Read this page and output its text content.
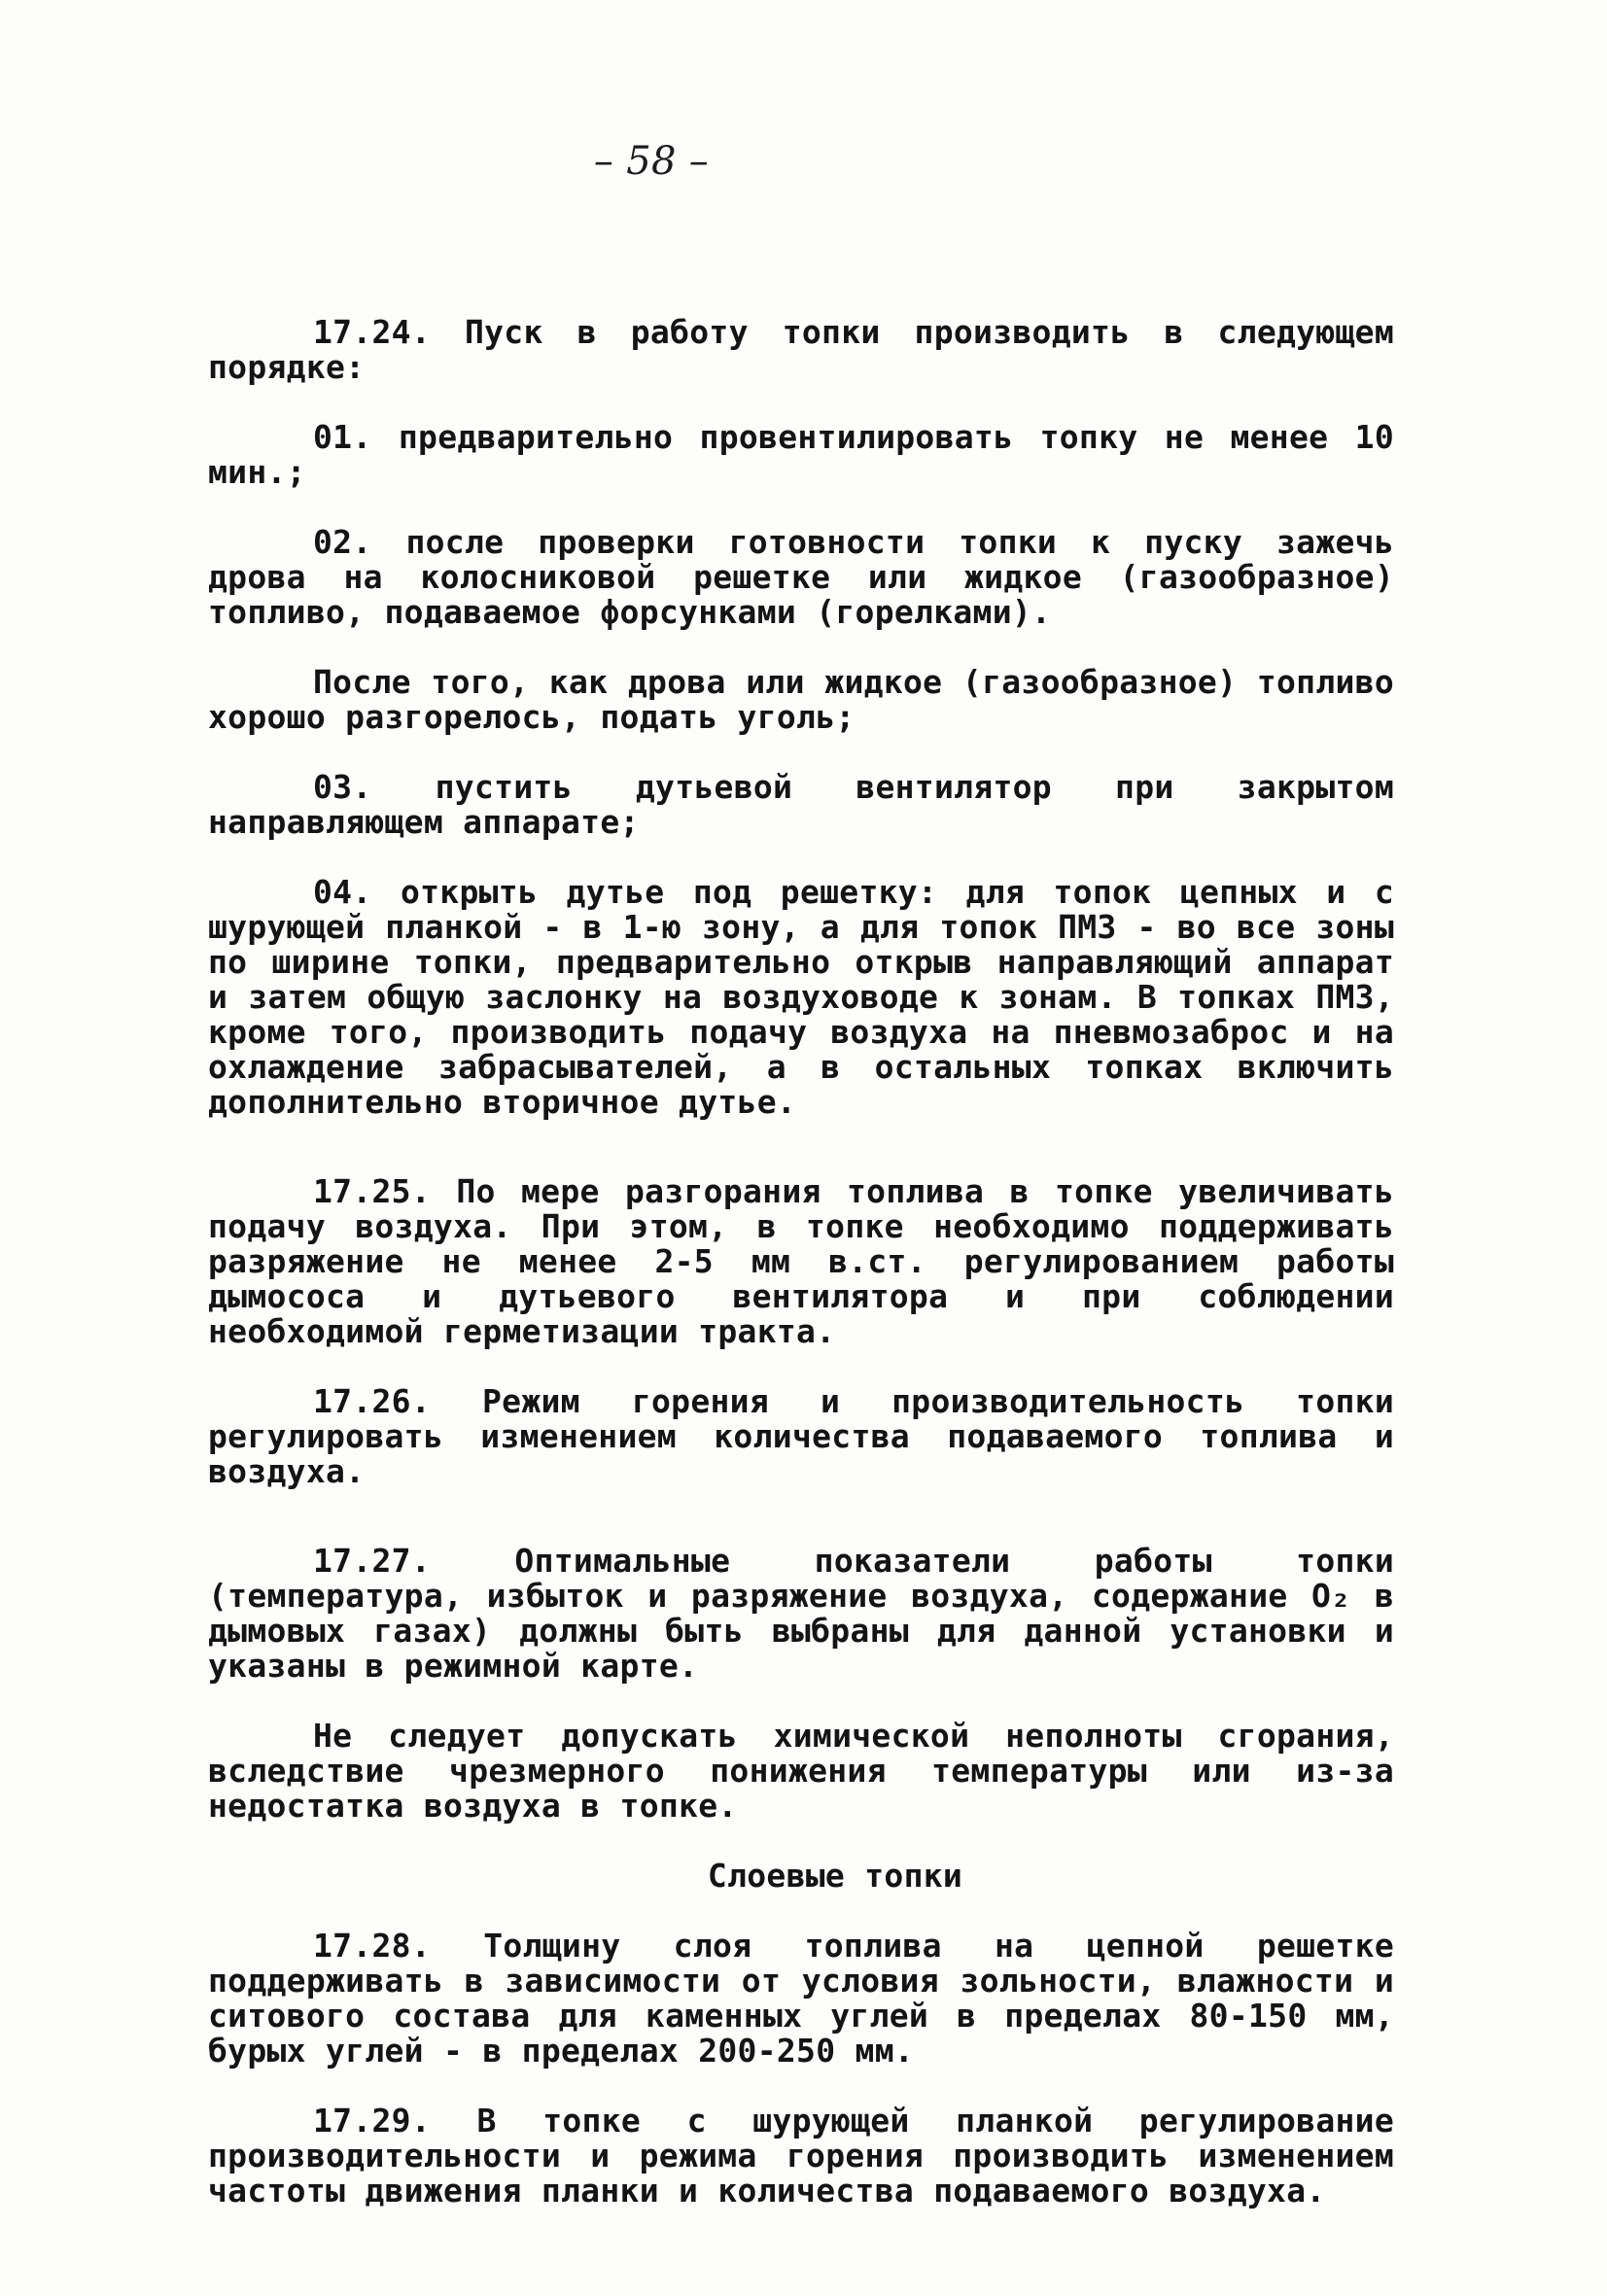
– 58 –

17.24. Пуск в работу топки производить в следующем порядке:

01. предварительно провентилировать топку не менее 10 мин.;

02. после проверки готовности топки к пуску зажечь дрова на колосниковой решетке или жидкое (газообразное) топливо, подаваемое форсунками (горелками).

После того, как дрова или жидкое (газообразное) топливо хорошо разгорелось, подать уголь;

03. пустить дутьевой вентилятор при закрытом направляющем аппарате;

04. открыть дутье под решетку: для топок цепных и с шурующей планкой - в 1-ю зону, а для топок ПМЗ - во все зоны по ширине топки, предварительно открыв направляющий аппарат и затем общую заслонку на воздуховоде к зонам. В топках ПМЗ, кроме того, производить подачу воздуха на пневмозаброс и на охлаждение забрасывателей, а в остальных топках включить дополнительно вторичное дутье.

17.25. По мере разгорания топлива в топке увеличивать подачу воздуха. При этом, в топке необходимо поддерживать разряжение не менее 2-5 мм в.ст. регулированием работы дымососа и дутьевого вентилятора и при соблюдении необходимой герметизации тракта.

17.26. Режим горения и производительность топки регулировать изменением количества подаваемого топлива и воздуха.

17.27. Оптимальные показатели работы топки (температура, избыток и разряжение воздуха, содержание O₂ в дымовых газах) должны быть выбраны для данной установки и указаны в режимной карте.

Не следует допускать химической неполноты сгорания, вследствие чрезмерного понижения температуры или из-за недостатка воздуха в топке.

Слоевые топки

17.28. Толщину слоя топлива на цепной решетке поддерживать в зависимости от условия зольности, влажности и ситового состава для каменных углей в пределах 80-150 мм, бурых углей - в пределах 200-250 мм.

17.29. В топке с шурующей планкой регулирование производительности и режима горения производить изменением частоты движения планки и количества подаваемого воздуха.
